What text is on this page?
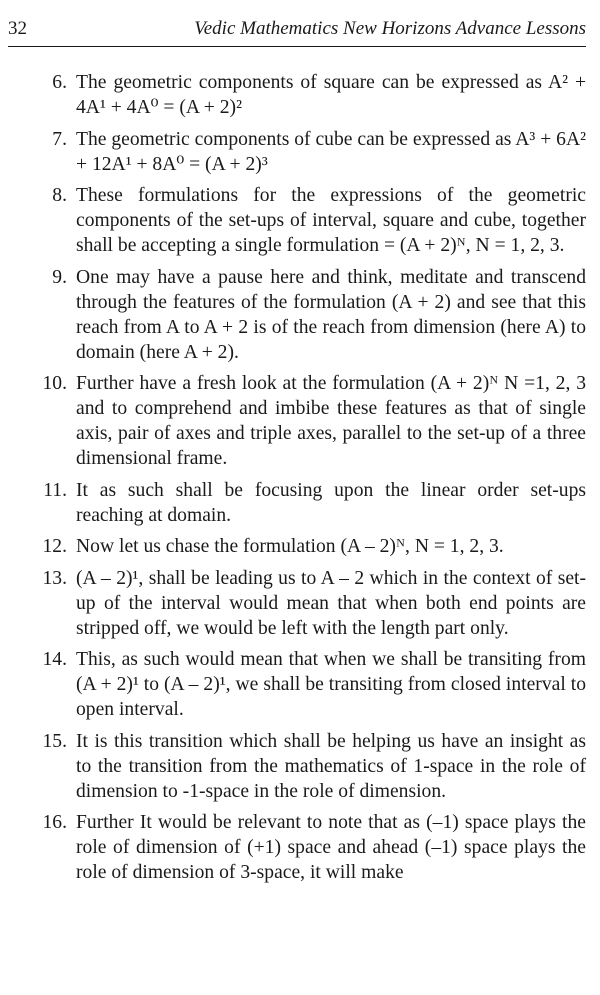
32	Vedic Mathematics New Horizons Advance Lessons
6. The geometric components of square can be expressed as A² + 4A¹ + 4A⁰ = (A + 2)²
7. The geometric components of cube can be expressed as A³ + 6A² + 12A¹ + 8A⁰ = (A + 2)³
8. These formulations for the expressions of the geometric components of the set-ups of interval, square and cube, together shall be accepting a single formulation = (A + 2)ᴺ, N = 1, 2, 3.
9. One may have a pause here and think, meditate and transcend through the features of the formulation (A + 2) and see that this reach from A to A + 2 is of the reach from dimension (here A) to domain (here A + 2).
10. Further have a fresh look at the formulation (A + 2)ᴺ N =1, 2, 3 and to comprehend and imbibe these features as that of single axis, pair of axes and triple axes, parallel to the set-up of a three dimensional frame.
11. It as such shall be focusing upon the linear order set-ups reaching at domain.
12. Now let us chase the formulation (A – 2)ᴺ, N = 1, 2, 3.
13. (A – 2)¹, shall be leading us to A – 2 which in the context of set-up of the interval would mean that when both end points are stripped off, we would be left with the length part only.
14. This, as such would mean that when we shall be transiting from (A + 2)¹ to (A – 2)¹, we shall be transiting from closed interval to open interval.
15. It is this transition which shall be helping us have an insight as to the transition from the mathematics of 1-space in the role of dimension to -1-space in the role of dimension.
16. Further It would be relevant to note that as (–1) space plays the role of dimension of (+1) space and ahead (–1) space plays the role of dimension of 3-space, it will make
